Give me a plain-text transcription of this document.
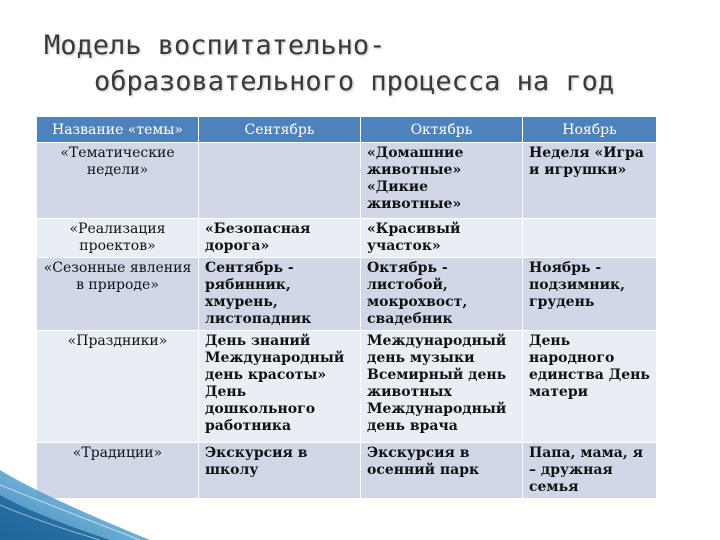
Модель воспитательно-
образовательного процесса на год
Название «темы»	Сентябрь	Октябрь	Ноябрь
«Тематические недели»		«Домашние животные» «Дикие животные»	Неделя «Игра и игрушки»
«Реализация проектов»	«Безопасная дорога»	«Красивый участок»	
«Сезонные явления в природе»	Сентябрь - рябинник, хмурень, листопадник	Октябрь - листобой, мокрохвост, свадебник	Ноябрь - подзимник, грудень
«Праздники»	День знаний Международный день красоты» День дошкольного работника	Международный день музыки Всемирный день животных Международный день врача	День народного единства День матери
«Традиции»	Экскурсия в школу	Экскурсия в осенний парк	Папа, мама, я – дружная семья
